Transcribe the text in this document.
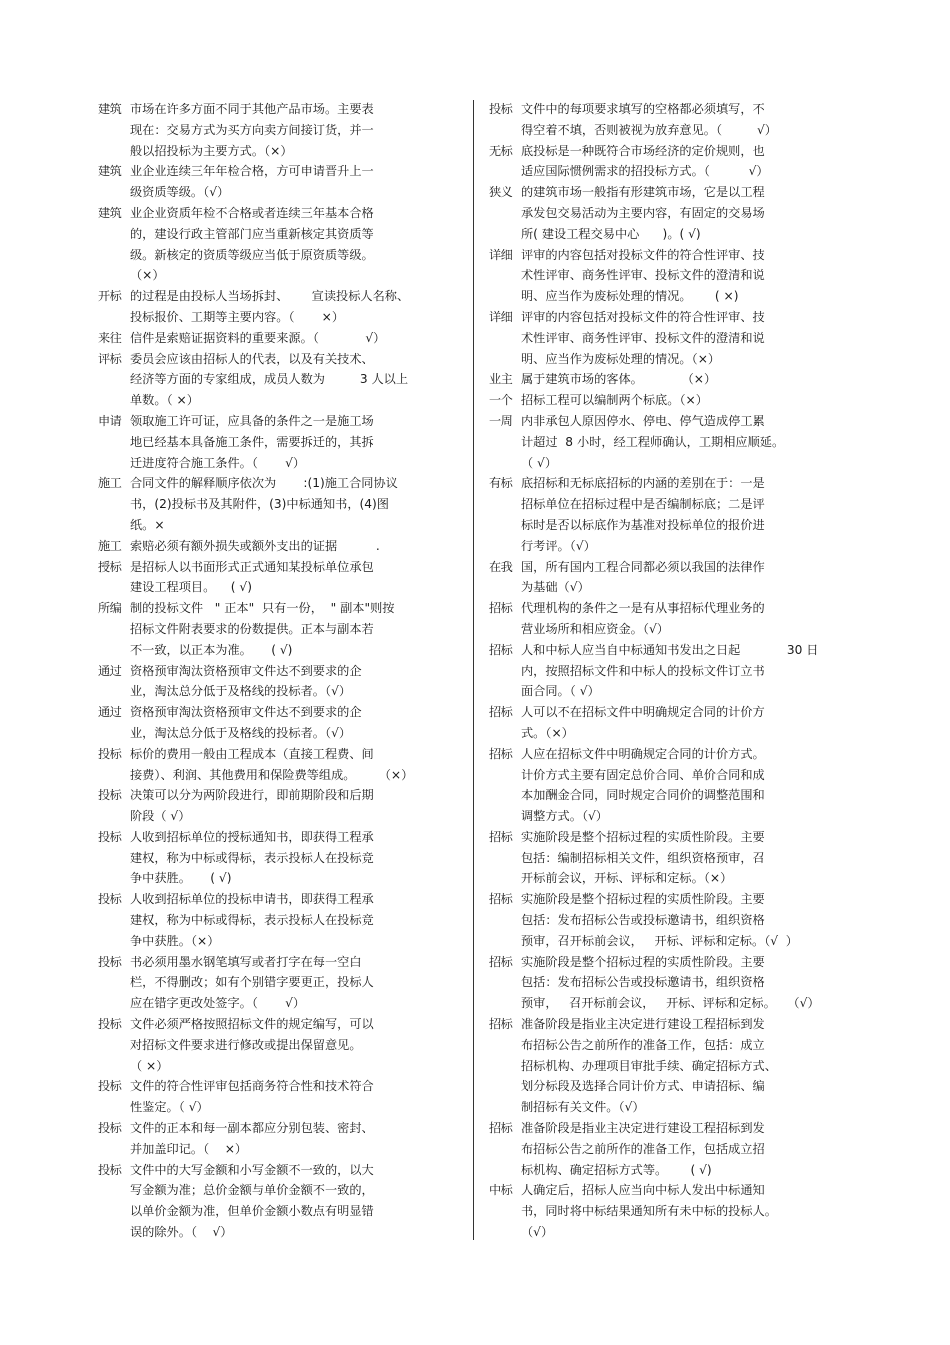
建筑 市场在许多方面不同于其他产品市场。主要表
现在：交易方式为买方向卖方间接订货，并一
般以招投标为主要方式。（×）
建筑 业企业连续三年年检合格，方可申请晋升上一
级资质等级。（√）
建筑 业企业资质年检不合格或者连续三年基本合格
的，建设行政主管部门应当重新核定其资质等
级。新核定的资质等级应当低于原资质等级。
（×）
开标 的过程是由投标人当场拆封、      宣读投标人名称、
投标报价、工期等主要内容。（       ×）
来往 信件是索赔证据资料的重要来源。（            √）
评标 委员会应该由招标人的代表，以及有关技术、
经济等方面的专家组成，成员人数为         3 人以上
单数。（ ×）
申请 领取施工许可证，应具备的条件之一是施工场
地已经基本具备施工条件，需要拆迁的，其拆
迁进度符合施工条件。（       √）
施工 合同文件的解释顺序依次为       :(1)施工合同协议
书，(2)投标书及其附件，(3)中标通知书，(4)图
纸。×
施工 索赔必须有额外损失或额外支出的证据          .
授标 是招标人以书面形式正式通知某投标单位承包
建设工程项目。    ( √)
所编 制的投标文件   " 正本"  只有一份，  " 副本"则按
招标文件附表要求的份数提供。正本与副本若
不一致，以正本为准。     ( √)
通过 资格预审淘汰资格预审文件达不到要求的企
业，淘汰总分低于及格线的投标者。（√）
通过 资格预审淘汰资格预审文件达不到要求的企
业，淘汰总分低于及格线的投标者。（√）
投标 标价的费用一般由工程成本（直接工程费、间
接费）、利润、其他费用和保险费等组成。      （×）
投标 决策可以分为两阶段进行，即前期阶段和后期
阶段（ √）
投标 人收到招标单位的授标通知书，即获得工程承
建权，称为中标或得标，表示投标人在投标竞
争中获胜。     ( √)
投标 人收到招标单位的投标申请书，即获得工程承
建权，称为中标或得标，表示投标人在投标竞
争中获胜。（×）
投标 书必须用墨水钢笔填写或者打字在每一空白
栏，不得删改；如有个别错字要更正，投标人
应在错字更改处签字。（       √）
投标 文件必须严格按照招标文件的规定编写，可以
对招标文件要求进行修改或提出保留意见。
（ ×）
投标 文件的符合性评审包括商务符合性和技术符合
性鉴定。（ √）
投标 文件的正本和每一副本都应分别包装、密封、
并加盖印记。（    ×）
投标 文件中的大写金额和小写金额不一致的，以大
写金额为准；总价金额与单价金额不一致的，
以单价金额为准，但单价金额小数点有明显错
误的除外。（    √）
投标 文件中的每项要求填写的空格都必须填写，不
得空着不填，否则被视为放弃意见。（         √）
无标 底投标是一种既符合市场经济的定价规则，也
适应国际惯例需求的招投标方式。（          √）
狭义 的建筑市场一般指有形建筑市场，它是以工程
承发包交易活动为主要内容，有固定的交易场
所( 建设工程交易中心      )。( √)
详细 评审的内容包括对投标文件的符合性评审、技
术性评审、商务性评审、投标文件的澄清和说
明、应当作为废标处理的情况。      ( ×)
详细 评审的内容包括对投标文件的符合性评审、技
术性评审、商务性评审、投标文件的澄清和说
明、应当作为废标处理的情况。（×）
业主 属于建筑市场的客体。          （×）
一个 招标工程可以编制两个标底。（×）
一周 内非承包人原因停水、停电、停气造成停工累
计超过  8 小时，经工程师确认，工期相应顺延。
（ √）
有标 底招标和无标底招标的内涵的差别在于：一是
招标单位在招标过程中是否编制标底；二是评
标时是否以标底作为基准对投标单位的报价进
行考评。（√）
在我 国，所有国内工程合同都必须以我国的法律作
为基础（√）
招标 代理机构的条件之一是有从事招标代理业务的
营业场所和相应资金。（√）
招标 人和中标人应当自中标通知书发出之日起            30 日
内，按照招标文件和中标人的投标文件订立书
面合同。（ √）
招标 人可以不在招标文件中明确规定合同的计价方
式。（×）
招标 人应在招标文件中明确规定合同的计价方式。
计价方式主要有固定总价合同、单价合同和成
本加酬金合同，同时规定合同价的调整范围和
调整方式。（√）
招标 实施阶段是整个招标过程的实质性阶段。主要
包括：编制招标相关文件，组织资格预审，召
开标前会议，开标、评标和定标。（×）
招标 实施阶段是整个招标过程的实质性阶段。主要
包括：发布招标公告或投标邀请书，组织资格
预审，召开标前会议，   开标、评标和定标。（√  ）
招标 实施阶段是整个招标过程的实质性阶段。主要
包括：发布招标公告或投标邀请书，组织资格
预审，   召开标前会议，   开标、评标和定标。   （√）
招标 准备阶段是指业主决定进行建设工程招标到发
布招标公告之前所作的准备工作，包括：成立
招标机构、办理项目审批手续、确定招标方式、
划分标段及选择合同计价方式、申请招标、编
制招标有关文件。（√）
招标 准备阶段是指业主决定进行建设工程招标到发
布招标公告之前所作的准备工作，包括成立招
标机构、确定招标方式等。      ( √)
中标 人确定后，招标人应当向中标人发出中标通知
书，同时将中标结果通知所有未中标的投标人。
（√）
